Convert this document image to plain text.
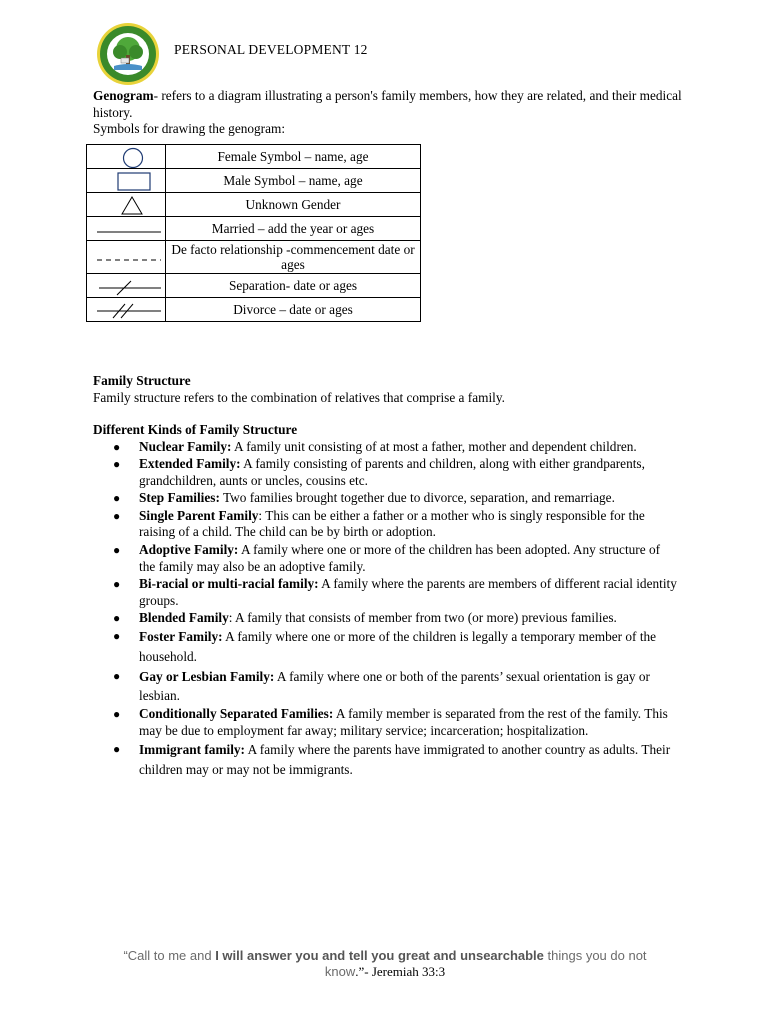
PERSONAL DEVELOPMENT 12

Genogram- refers to a diagram illustrating a person's family members, how they are related, and their medical history.

Symbols for drawing the genogram:

	Female Symbol – name, age

	Male Symbol – name, age

	Unknown Gender

	Married – add the year or ages

	De facto relationship -commencement date or ages

	Separation- date or ages

	Divorce – date or ages
Family Structure
Family structure refers to the combination of relatives that comprise a family.
Different Kinds of Family Structure
● Nuclear Family: A family unit consisting of at most a father, mother and dependent children.
● Extended Family: A family consisting of parents and children, along with either grandparents, grandchildren, aunts or uncles, cousins etc.
● Step Families: Two families brought together due to divorce, separation, and remarriage.
● Single Parent Family: This can be either a father or a mother who is singly responsible for the raising of a child. The child can be by birth or adoption.
● Adoptive Family: A family where one or more of the children has been adopted. Any structure of the family may also be an adoptive family.
● Bi-racial or multi-racial family: A family where the parents are members of different racial identity groups.
● Blended Family: A family that consists of member from two (or more) previous families.
● Foster Family: A family where one or more of the children is legally a temporary member of the household.
● Gay or Lesbian Family: A family where one or both of the parents’ sexual orientation is gay or lesbian.
● Conditionally Separated Families: A family member is separated from the rest of the family. This may be due to employment far away; military service; incarceration; hospitalization.
● Immigrant family: A family where the parents have immigrated to another country as adults. Their children may or may not be immigrants.
“Call to me and I will answer you and tell you great and unsearchable things you do not know.”- Jeremiah 33:3
